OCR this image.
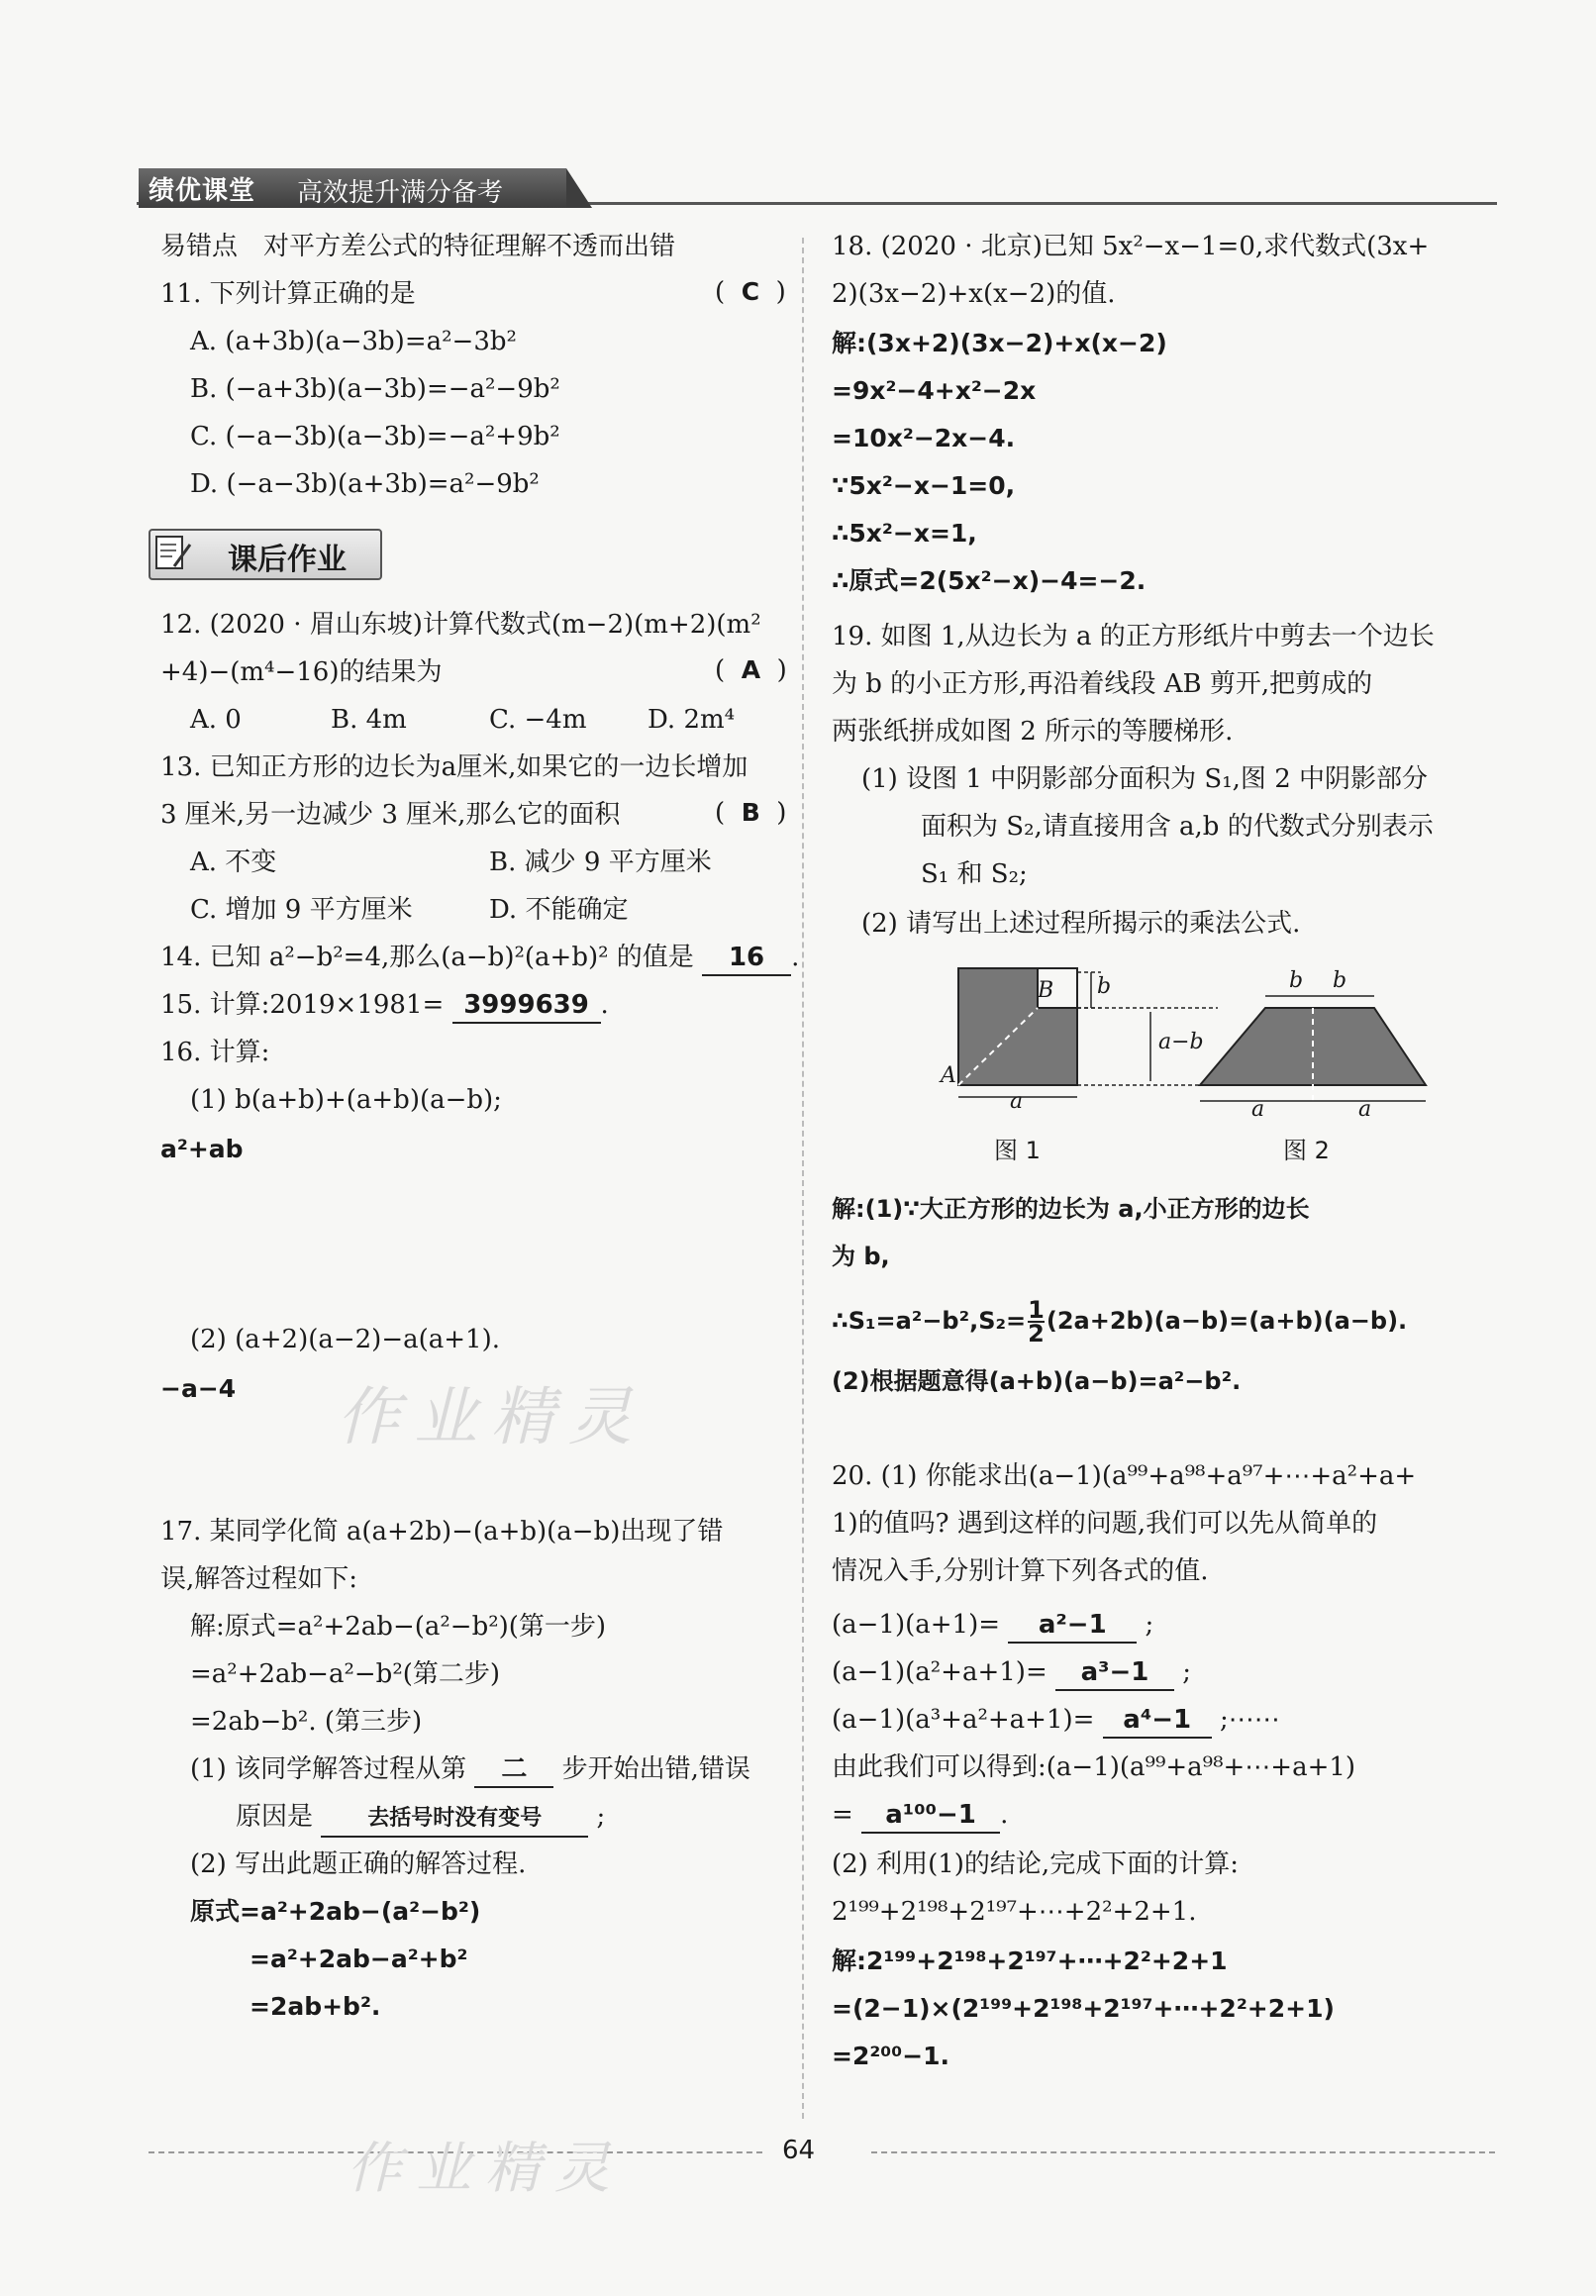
绩优课堂 高效提升满分备考
易错点　对平方差公式的特征理解不透而出错
11. 下列计算正确的是	(  C  )
A. (a+3b)(a−3b)=a²−3b²
B. (−a+3b)(a−3b)=−a²−9b²
C. (−a−3b)(a−3b)=−a²+9b²
D. (−a−3b)(a+3b)=a²−9b²
课后作业
12. (2020 · 眉山东坡)计算代数式(m−2)(m+2)(m²
+4)−(m⁴−16)的结果为	(  A  )
A. 0	B. 4m	C. −4m D. 2m⁴
13. 已知正方形的边长为a厘米,如果它的一边长增加
3 厘米,另一边减少 3 厘米,那么它的面积	(  B  )
A. 不变	B. 减少 9 平方厘米
C. 增加 9 平方厘米	D. 不能确定
14. 已知 a²−b²=4,那么(a−b)²(a+b)² 的值是 16 .
15. 计算:2019×1981= 3999639 .
16. 计算:
(1) b(a+b)+(a+b)(a−b);
a²+ab
(2) (a+2)(a−2)−a(a+1).
−a−4 作业精灵
17. 某同学化简 a(a+2b)−(a+b)(a−b)出现了错
误,解答过程如下:
解:原式=a²+2ab−(a²−b²)(第一步)
=a²+2ab−a²−b²(第二步)
=2ab−b². (第三步)
(1) 该同学解答过程从第 二 步开始出错,错误
原因是	去括号时没有变号 ;
(2) 写出此题正确的解答过程.
原式=a²+2ab−(a²−b²)
=a²+2ab−a²+b²
=2ab+b².
18. (2020 · 北京)已知 5x²−x−1=0,求代数式(3x+
2)(3x−2)+x(x−2)的值.
解:(3x+2)(3x−2)+x(x−2)
=9x²−4+x²−2x
=10x²−2x−4.
∵5x²−x−1=0,
∴5x²−x=1,
∴原式=2(5x²−x)−4=−2.
19. 如图 1,从边长为 a 的正方形纸片中剪去一个边长
为 b 的小正方形,再沿着线段 AB 剪开,把剪成的
两张纸拼成如图 2 所示的等腰梯形.
(1) 设图 1 中阴影部分面积为 S₁,图 2 中阴影部分
面积为 S₂,请直接用含 a,b 的代数式分别表示
S₁ 和 S₂;
(2) 请写出上述过程所揭示的乘法公式.
B b
A
a−b
a
b b
a	a
图 1	图 2
解:(1)∵大正方形的边长为 a,小正方形的边长
为 b,
∴S₁=a²−b²,S₂= $\frac{1}{2} (2a+2b)(a-b)=(a+b)(a-b)$.
(2)根据题意得(a+b)(a−b)=a²−b².
20. (1) 你能求出(a−1)(a⁹⁹+a⁹⁸+a⁹⁷+⋯+a²+a+
1)的值吗? 遇到这样的问题,我们可以先从简单的
情况入手,分别计算下列各式的值.
(a−1)(a+1)= a²−1 ;
(a−1)(a²+a+1)= a³−1 ;
(a−1)(a³+a²+a+1)= a⁴−1 ;⋯⋯
由此我们可以得到:(a−1)(a⁹⁹+a⁹⁸+⋯+a+1)
= a¹⁰⁰−1 .
(2) 利用(1)的结论,完成下面的计算:
2¹⁹⁹+2¹⁹⁸+2¹⁹⁷+⋯+2²+2+1.
解:2¹⁹⁹+2¹⁹⁸+2¹⁹⁷+⋯+2²+2+1
=(2−1)×(2¹⁹⁹+2¹⁹⁸+2¹⁹⁷+⋯+2²+2+1)
=2²⁰⁰−1.
64
作业精灵
